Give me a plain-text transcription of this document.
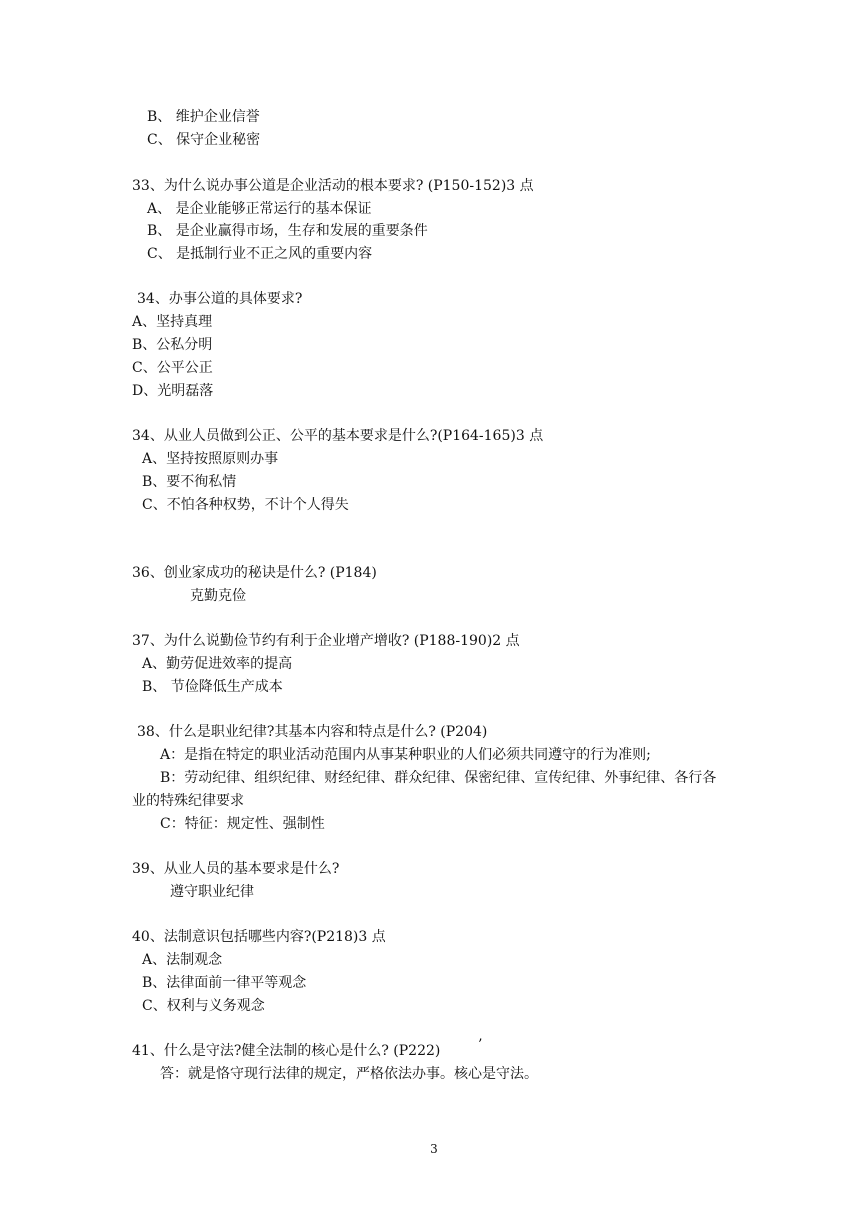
B、 维护企业信誉
C、 保守企业秘密
33、为什么说办事公道是企业活动的根本要求? (P150-152)3 点
A、 是企业能够正常运行的基本保证
B、 是企业赢得市场，生存和发展的重要条件
C、 是抵制行业不正之风的重要内容
34、办事公道的具体要求?
A、坚持真理
B、公私分明
C、公平公正
D、光明磊落
34、从业人员做到公正、公平的基本要求是什么?(P164-165)3 点
A、坚持按照原则办事
B、要不徇私情
C、不怕各种权势，不计个人得失
36、创业家成功的秘诀是什么? (P184)
克勤克俭
37、为什么说勤俭节约有利于企业增产增收? (P188-190)2 点
A、勤劳促进效率的提高
B、 节俭降低生产成本
38、什么是职业纪律?其基本内容和特点是什么? (P204)
A：是指在特定的职业活动范围内从事某种职业的人们必须共同遵守的行为准则;
B：劳动纪律、组织纪律、财经纪律、群众纪律、保密纪律、宣传纪律、外事纪律、各行各
业的特殊纪律要求
C：特征：规定性、强制性
39、从业人员的基本要求是什么?
遵守职业纪律
40、法制意识包括哪些内容?(P218)3 点
A、法制观念
B、法律面前一律平等观念
C、权利与义务观念
41、什么是守法?健全法制的核心是什么? (P222)	’
答：就是恪守现行法律的规定，严格依法办事。核心是守法。
3
